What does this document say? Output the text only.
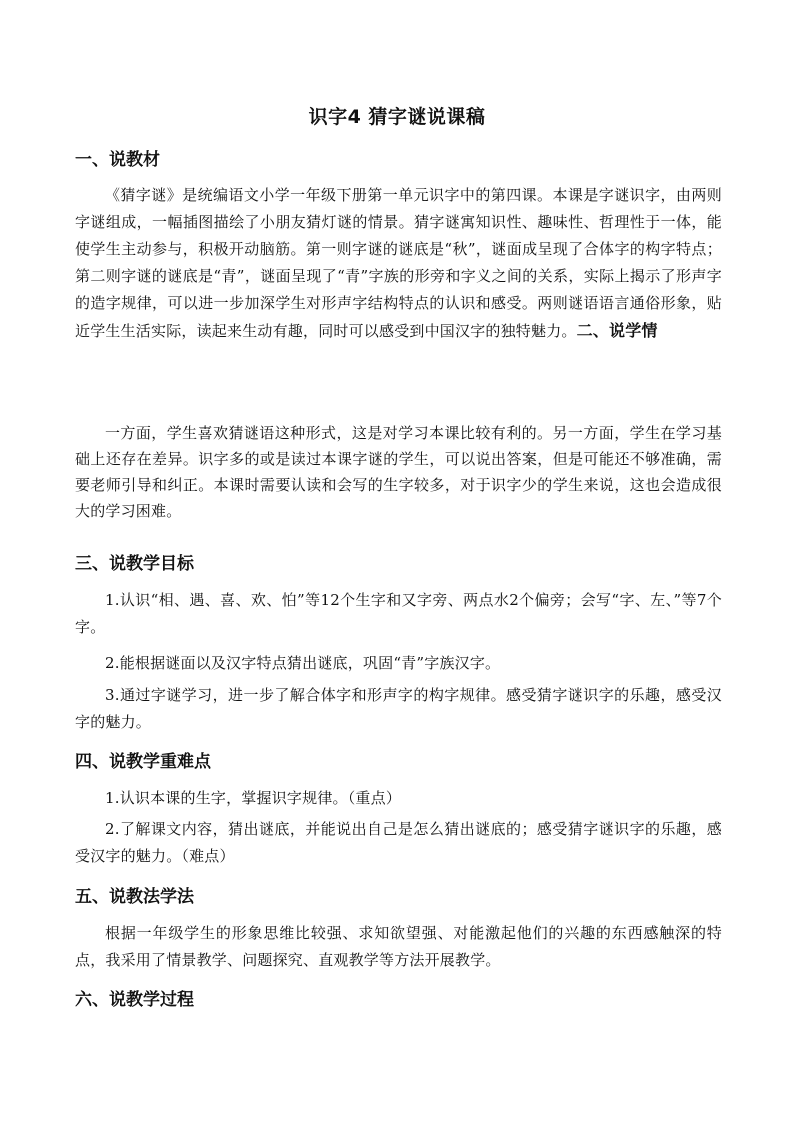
识字4 猜字谜说课稿
一、说教材

《猜字谜》是统编语文小学一年级下册第一单元识字中的第四课。本课是字谜识字，由两则字谜组成，一幅插图描绘了小朋友猜灯谜的情景。猜字谜寓知识性、趣味性、哲理性于一体，能使学生主动参与，积极开动脑筋。第一则字谜的谜底是“秋”，谜面成呈现了合体字的构字特点；第二则字谜的谜底是“青”，谜面呈现了“青”字族的形旁和字义之间的关系，实际上揭示了形声字的造字规律，可以进一步加深学生对形声字结构特点的认识和感受。两则谜语语言通俗形象，贴近学生生活实际，读起来生动有趣，同时可以感受到中国汉字的独特魅力。二、说学情

一方面，学生喜欢猜谜语这种形式，这是对学习本课比较有利的。另一方面，学生在学习基础上还存在差异。识字多的或是读过本课字谜的学生，可以说出答案，但是可能还不够准确，需要老师引导和纠正。本课时需要认读和会写的生字较多，对于识字少的学生来说，这也会造成很大的学习困难。

三、说教学目标

1.认识“相、遇、喜、欢、怕”等12个生字和又字旁、两点水2个偏旁；会写“字、左、”等7个字。

2.能根据谜面以及汉字特点猜出谜底，巩固“青”字族汉字。

3.通过字谜学习，进一步了解合体字和形声字的构字规律。感受猜字谜识字的乐趣，感受汉字的魅力。

四、说教学重难点

1.认识本课的生字，掌握识字规律。（重点）

2.了解课文内容，猜出谜底，并能说出自己是怎么猜出谜底的；感受猜字谜识字的乐趣，感受汉字的魅力。（难点）

五、说教法学法

根据一年级学生的形象思维比较强、求知欲望强、对能激起他们的兴趣的东西感触深的特点，我采用了情景教学、问题探究、直观教学等方法开展教学。

六、说教学过程
